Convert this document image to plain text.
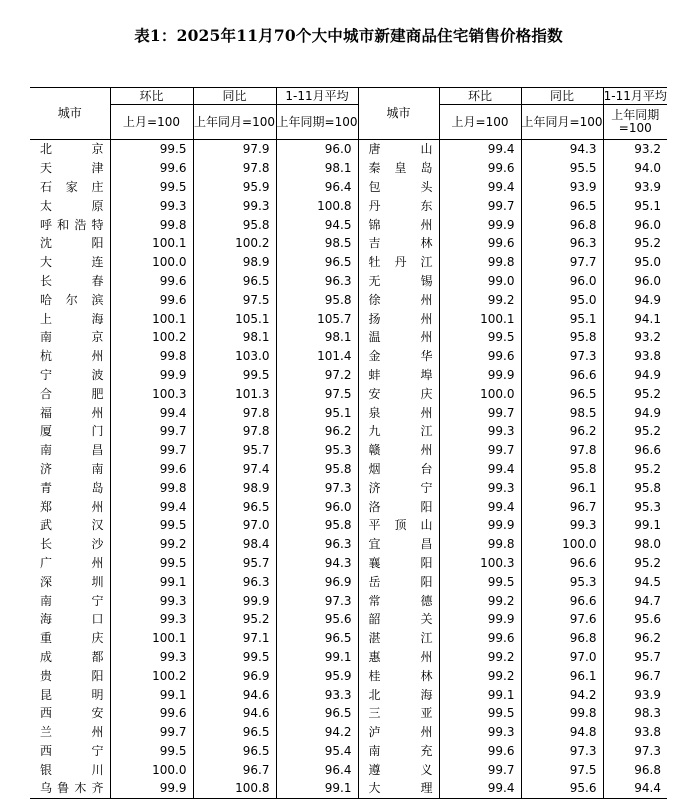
表1：2025年11月70个大中城市新建商品住宅销售价格指数
城市	环比	同比	1-11月平均	城市	环比	同比	1-11月平均
	上月=100	上年同月=100	上年同期=100		上月=100	上年同月=100	上年同期=100
北京	99.5	97.9	96.0	唐山	99.4	94.3	93.2
天津	99.6	97.8	98.1	秦皇岛	99.6	95.5	94.0
石家庄	99.5	95.9	96.4	包头	99.4	93.9	93.9
太原	99.3	99.3	100.8	丹东	99.7	96.5	95.1
呼和浩特	99.8	95.8	94.5	锦州	99.9	96.8	96.0
沈阳	100.1	100.2	98.5	吉林	99.6	96.3	95.2
大连	100.0	98.9	96.5	牡丹江	99.8	97.7	95.0
长春	99.6	96.5	96.3	无锡	99.0	96.0	96.0
哈尔滨	99.6	97.5	95.8	徐州	99.2	95.0	94.9
上海	100.1	105.1	105.7	扬州	100.1	95.1	94.1
南京	100.2	98.1	98.1	温州	99.5	95.8	93.2
杭州	99.8	103.0	101.4	金华	99.6	97.3	93.8
宁波	99.9	99.5	97.2	蚌埠	99.9	96.6	94.9
合肥	100.3	101.3	97.5	安庆	100.0	96.5	95.2
福州	99.4	97.8	95.1	泉州	99.7	98.5	94.9
厦门	99.7	97.8	96.2	九江	99.3	96.2	95.2
南昌	99.7	95.7	95.3	赣州	99.7	97.8	96.6
济南	99.6	97.4	95.8	烟台	99.4	95.8	95.2
青岛	99.8	98.9	97.3	济宁	99.3	96.1	95.8
郑州	99.4	96.5	96.0	洛阳	99.4	96.7	95.3
武汉	99.5	97.0	95.8	平顶山	99.9	99.3	99.1
长沙	99.2	98.4	96.3	宜昌	99.8	100.0	98.0
广州	99.5	95.7	94.3	襄阳	100.3	96.6	95.2
深圳	99.1	96.3	96.9	岳阳	99.5	95.3	94.5
南宁	99.3	99.9	97.3	常德	99.2	96.6	94.7
海口	99.3	95.2	95.6	韶关	99.9	97.6	95.6
重庆	100.1	97.1	96.5	湛江	99.6	96.8	96.2
成都	99.3	99.5	99.1	惠州	99.2	97.0	95.7
贵阳	100.2	96.9	95.9	桂林	99.2	96.1	96.7
昆明	99.1	94.6	93.3	北海	99.1	94.2	93.9
西安	99.6	94.6	96.5	三亚	99.5	99.8	98.3
兰州	99.7	96.5	94.2	泸州	99.3	94.8	93.8
西宁	99.5	96.5	95.4	南充	99.6	97.3	97.3
银川	100.0	96.7	96.4	遵义	99.7	97.5	96.8
乌鲁木齐	99.9	100.8	99.1	大理	99.4	95.6	94.4
